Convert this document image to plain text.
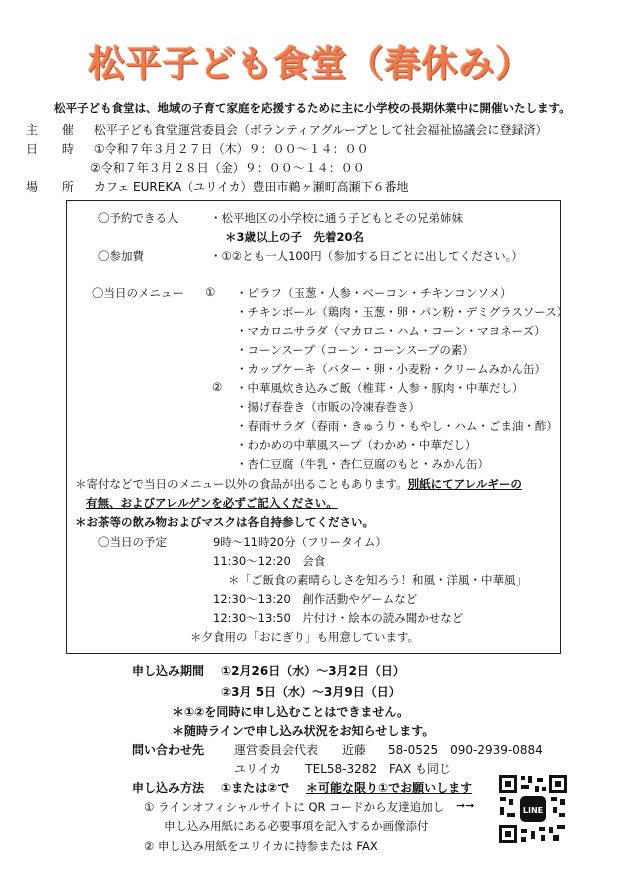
松平子ども食堂（春休み）
松平子ども食堂は、地域の子育て家庭を応援するために主に小学校の長期休業中に開催いたします。
主 催 松平子ども食堂運営委員会（ボランティアグループとして社会福祉協議会に登録済）
日 時 ①令和７年３月２７日（木）９：００～１４：００
②令和７年３月２８日（金）９：００～１４：００
場 所 カフェ EUREKA（ユリイカ）豊田市鵜ヶ瀬町高瀬下６番地
〇予約できる人	・松平地区の小学校に通う子どもとその兄弟姉妹
＊3歳以上の子　先着20名
〇参加費	・①②とも一人100円（参加する日ごとに出してください。）
〇当日のメニュー ① ・ピラフ（玉葱・人参・ベーコン・チキンコンソメ）
・チキンボール（鶏肉・玉葱・卵・パン粉・デミグラスソース）
・マカロニサラダ（マカロニ・ハム・コーン・マヨネーズ）
・コーンスープ（コーン・コーンスープの素）
・カップケーキ（バター・卵・小麦粉・クリームみかん缶）
② ・中華風炊き込みご飯（椎茸・人参・豚肉・中華だし）
・揚げ春巻き（市販の冷凍春巻き）
・春雨サラダ（春雨・きゅうり・もやし・ハム・ごま油・酢）
・わかめの中華風スープ（わかめ・中華だし）
・杏仁豆腐（牛乳・杏仁豆腐のもと・みかん缶）
＊寄付などで当日のメニュー以外の食品が出ることもあります。別紙にてアレルギーの
有無、およびアレルゲンを必ずご記入ください。
＊お茶等の飲み物およびマスクは各自持参してください。
〇当日の予定	9時～11時20分（フリータイム）
11:30～12:20　会食
＊「ご飯食の素晴らしさを知ろう！和風・洋風・中華風」
12:30～13:20　創作活動やゲームなど
12:30～13:50　片付け・絵本の読み聞かせなど
＊夕食用の「おにぎり」も用意しています。
申し込み期間 ①2月26日（水）～3月2日（日）
②3月 5日（水）～3月9日（日）
＊①②を同時に申し込むことはできません。
＊随時ラインで申し込み状況をお知らせします。
問い合わせ先 運営委員会代表　　近藤 58-0525　090-2939-0884
ユリイカ　　TEL58-3282　FAX も同じ
申し込み方法 ①または②で ＊可能な限り①でお願いします
① ラインオフィシャルサイトに QR コードから友達追加し ➞➞
申し込み用紙にある必要事項を記入するか画像添付
② 申し込み用紙をユリイカに持参または FAX
LINE
